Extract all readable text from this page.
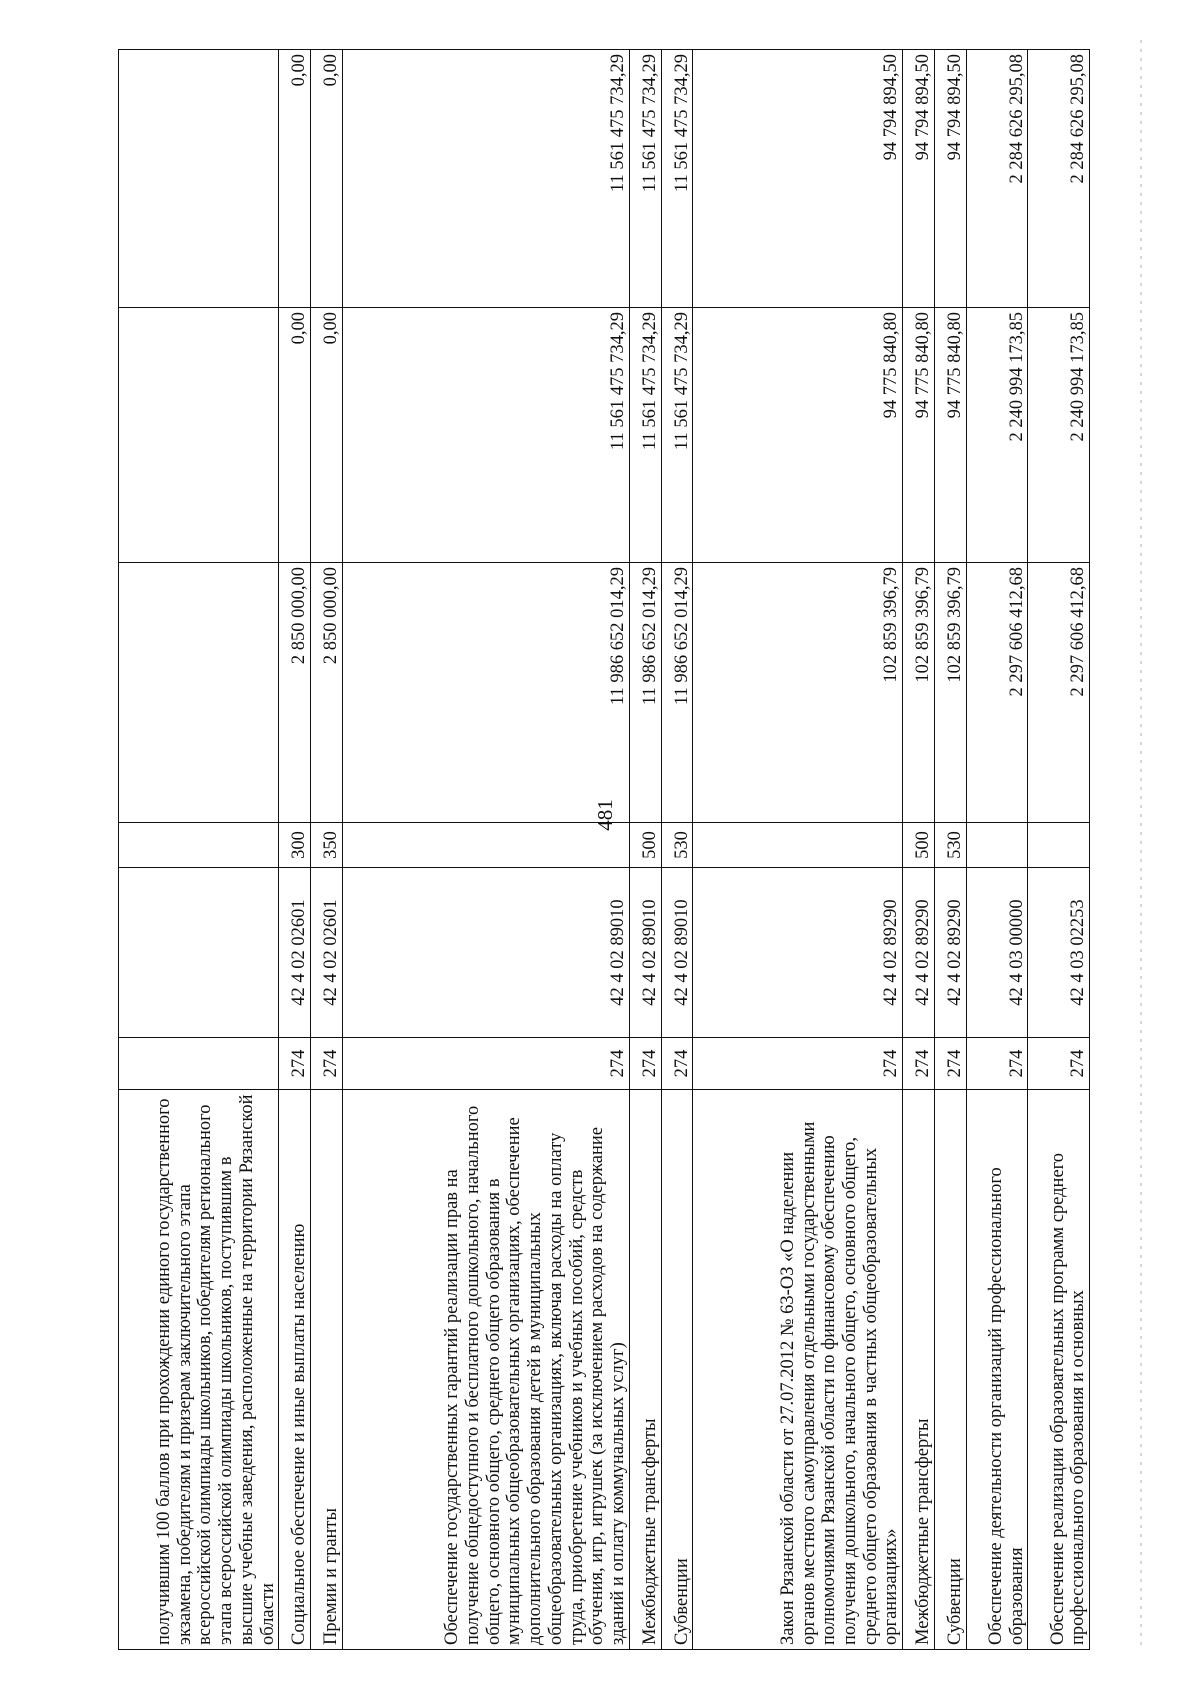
481
получившим 100 баллов при прохождении единого государственного экзамена, победителям и призерам заключительного этапа всероссийской олимпиады школьников, победителям регионального этапа всероссийской олимпиады школьников, поступившим в высшие учебные заведения, расположенные на территории Рязанской области						
Социальное обеспечение и иные выплаты населению	274	42 4 02 02601	300	2 850 000,00	0,00	0,00
Премии и гранты	274	42 4 02 02601	350	2 850 000,00	0,00	0,00
Обеспечение государственных гарантий реализации прав на получение общедоступного и бесплатного дошкольного, начального общего, основного общего, среднего общего образования в муниципальных общеобразовательных организациях, обеспечение дополнительного образования детей в муниципальных общеобразовательных организациях, включая расходы на оплату труда, приобретение учебников и учебных пособий, средств обучения, игр, игрушек (за исключением расходов на содержание зданий и оплату коммунальных услуг)	274	42 4 02 89010		11 986 652 014,29	11 561 475 734,29	11 561 475 734,29
Межбюджетные трансферты	274	42 4 02 89010	500	11 986 652 014,29	11 561 475 734,29	11 561 475 734,29
Субвенции	274	42 4 02 89010	530	11 986 652 014,29	11 561 475 734,29	11 561 475 734,29
Закон Рязанской области от 27.07.2012 № 63-ОЗ «О наделении органов местного самоуправления отдельными государственными полномочиями Рязанской области по финансовому обеспечению получения дошкольного, начального общего, основного общего, среднего общего образования в частных общеобразовательных организациях»	274	42 4 02 89290		102 859 396,79	94 775 840,80	94 794 894,50
Межбюджетные трансферты	274	42 4 02 89290	500	102 859 396,79	94 775 840,80	94 794 894,50
Субвенции	274	42 4 02 89290	530	102 859 396,79	94 775 840,80	94 794 894,50
Обеспечение деятельности организаций профессионального образования	274	42 4 03 00000		2 297 606 412,68	2 240 994 173,85	2 284 626 295,08
Обеспечение реализации образовательных программ среднего профессионального образования и основных	274	42 4 03 02253		2 297 606 412,68	2 240 994 173,85	2 284 626 295,08
